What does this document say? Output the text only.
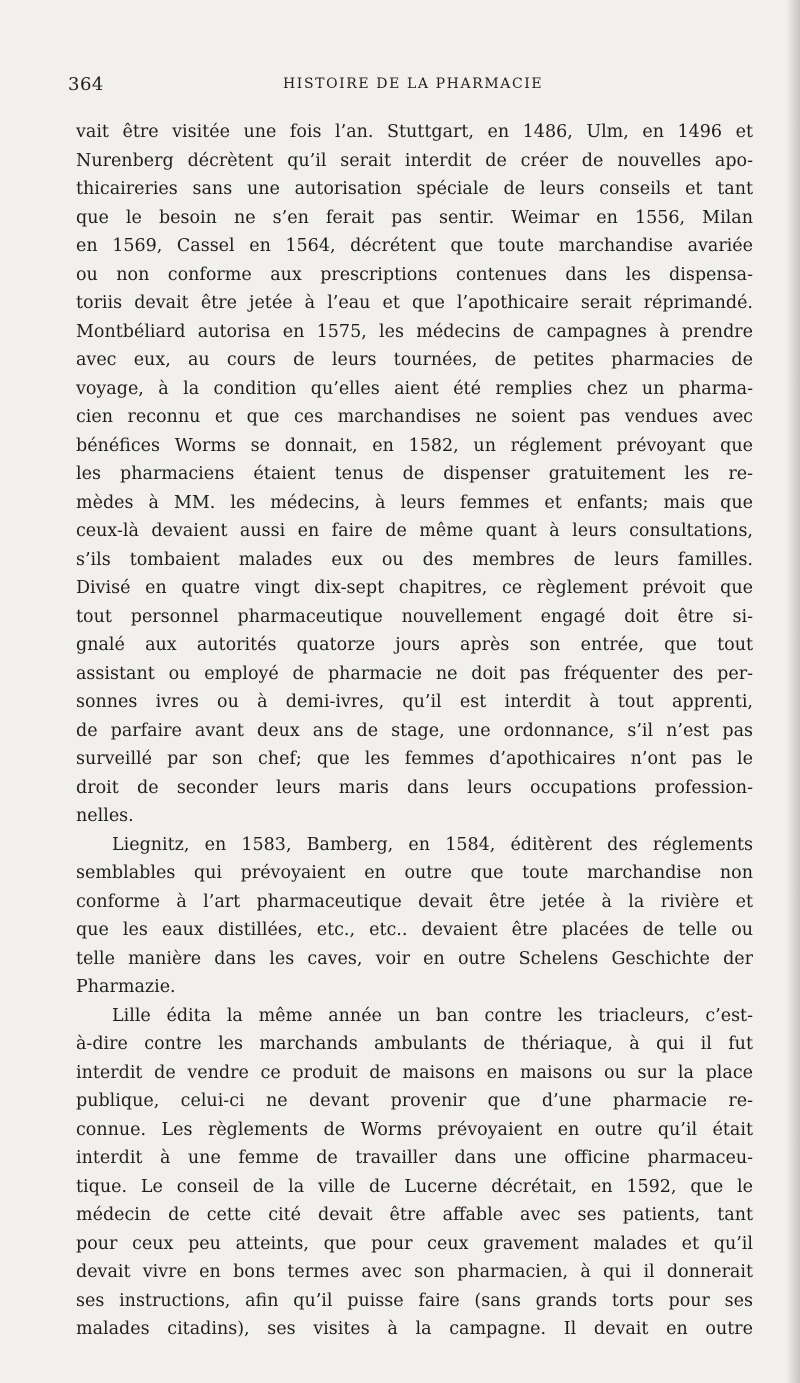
364	HISTOIRE DE LA PHARMACIE
vait être visitée une fois l’an. Stuttgart, en 1486, Ulm, en 1496 et
Nurenberg décrètent qu’il serait interdit de créer de nouvelles apo-
thicaireries sans une autorisation spéciale de leurs conseils et tant
que le besoin ne s’en ferait pas sentir. Weimar en 1556, Milan
en 1569, Cassel en 1564, décrétent que toute marchandise avariée
ou non conforme aux prescriptions contenues dans les dispensa-
toriis devait être jetée à l’eau et que l’apothicaire serait réprimandé.
Montbéliard autorisa en 1575, les médecins de campagnes à prendre
avec eux, au cours de leurs tournées, de petites pharmacies de
voyage, à la condition qu’elles aient été remplies chez un pharma-
cien reconnu et que ces marchandises ne soient pas vendues avec
bénéfices Worms se donnait, en 1582, un réglement prévoyant que
les pharmaciens étaient tenus de dispenser gratuitement les re-
mèdes à MM. les médecins, à leurs femmes et enfants; mais que
ceux-là devaient aussi en faire de même quant à leurs consultations,
s’ils tombaient malades eux ou des membres de leurs familles.
Divisé en quatre vingt dix-sept chapitres, ce règlement prévoit que
tout personnel pharmaceutique nouvellement engagé doit être si-
gnalé aux autorités quatorze jours après son entrée, que tout
assistant ou employé de pharmacie ne doit pas fréquenter des per-
sonnes ivres ou à demi-ivres, qu’il est interdit à tout apprenti,
de parfaire avant deux ans de stage, une ordonnance, s’il n’est pas
surveillé par son chef; que les femmes d’apothicaires n’ont pas le
droit de seconder leurs maris dans leurs occupations profession-
nelles.
Liegnitz, en 1583, Bamberg, en 1584, éditèrent des réglements
semblables qui prévoyaient en outre que toute marchandise non
conforme à l’art pharmaceutique devait être jetée à la rivière et
que les eaux distillées, etc., etc.. devaient être placées de telle ou
telle manière dans les caves, voir en outre Schelens Geschichte der
Pharmazie.
Lille édita la même année un ban contre les triacleurs, c’est-
à-dire contre les marchands ambulants de thériaque, à qui il fut
interdit de vendre ce produit de maisons en maisons ou sur la place
publique, celui-ci ne devant provenir que d’une pharmacie re-
connue. Les règlements de Worms prévoyaient en outre qu’il était
interdit à une femme de travailler dans une officine pharmaceu-
tique. Le conseil de la ville de Lucerne décrétait, en 1592, que le
médecin de cette cité devait être affable avec ses patients, tant
pour ceux peu atteints, que pour ceux gravement malades et qu’il
devait vivre en bons termes avec son pharmacien, à qui il donnerait
ses instructions, afin qu’il puisse faire (sans grands torts pour ses
malades citadins), ses visites à la campagne. Il devait en outre
